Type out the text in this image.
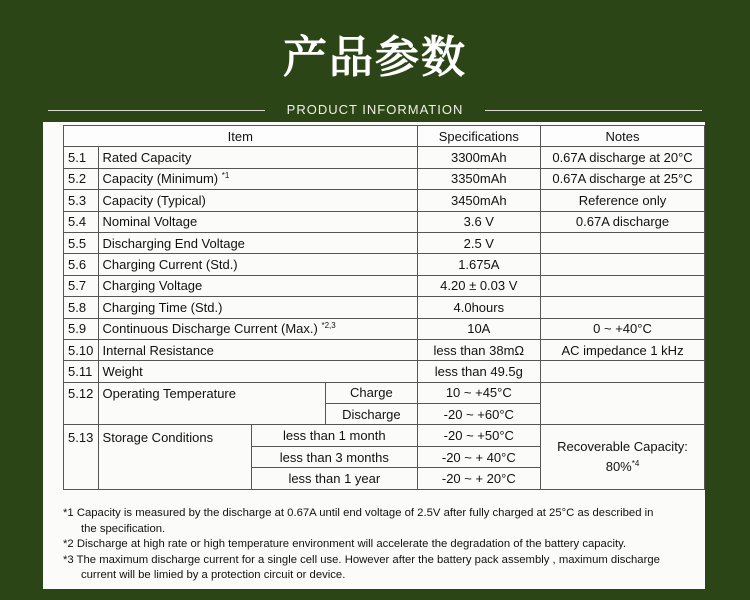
产品参数
PRODUCT INFORMATION
Item				Specifications	Notes
5.1	Rated Capacity			3300mAh	0.67A discharge at 20°C
5.2	Capacity (Minimum) $^{*1}$			3350mAh	0.67A discharge at 25°C
5.3	Capacity (Typical)			3450mAh	Reference only
5.4	Nominal Voltage			3.6 V	0.67A discharge
5.5	Discharging End Voltage			2.5 V	
5.6	Charging Current (Std.)			1.675A	
5.7	Charging Voltage			4.20 ± 0.03 V	
5.8	Charging Time (Std.)			4.0hours	
5.9	Continuous Discharge Current (Max.) $^{*2,3}$			10A	0 ~ +40°C
5.10	Internal Resistance			less than 38mΩ	AC impedance 1 kHz
5.11	Weight			less than 49.5g	
5.12	Operating Temperature		Charge	10 ~ +45°C	
			Discharge	-20 ~ +60°C	
5.13	Storage Conditions	less than 1 month		-20 ~ +50°C	Recoverable Capacity:
80%$^{*4}$

		less than 3 months		-20 ~ + 40°C	
		less than 1 year		-20 ~ + 20°C	

*1 Capacity is measured by the discharge at 0.67A until end voltage of 2.5V after fully charged at 25°C as described in

the specification.

*2 Discharge at high rate or high temperature environment will accelerate the degradation of the battery capacity.

*3 The maximum discharge current for a single cell use. However after the battery pack assembly , maximum discharge

current will be limied by a protection circuit or device.
